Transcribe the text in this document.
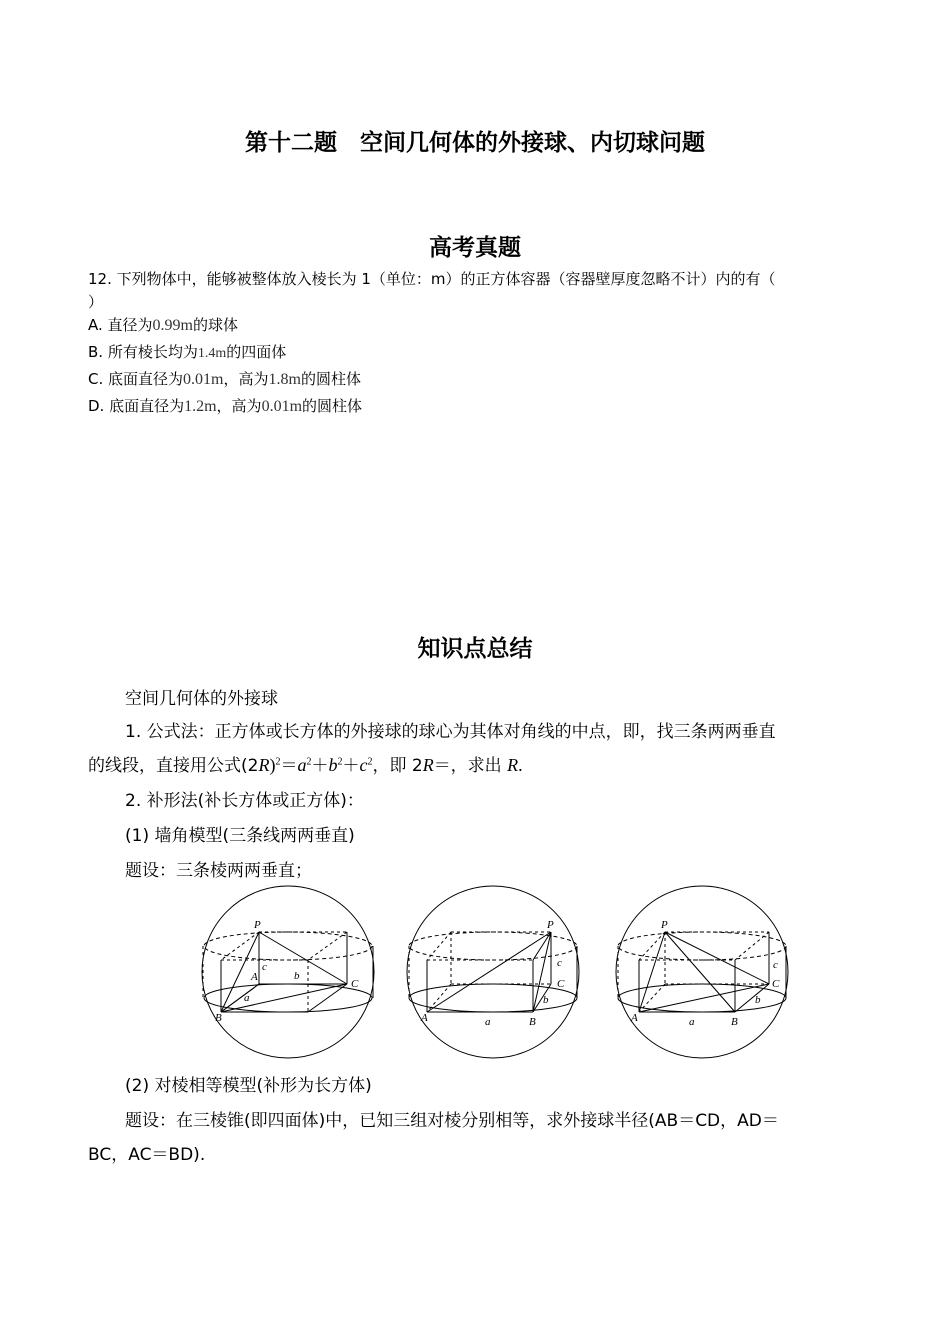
第十二题　空间几何体的外接球、内切球问题
高考真题
12. 下列物体中，能够被整体放入棱长为 1（单位：m）的正方体容器（容器壁厚度忽略不计）内的有（
）
A. 直径为0.99m的球体
B. 所有棱长均为1.4m的四面体
C. 底面直径为0.01m，高为1.8m的圆柱体
D. 底面直径为1.2m，高为0.01m的圆柱体
知识点总结
空间几何体的外接球
1. 公式法：正方体或长方体的外接球的球心为其体对角线的中点，即，找三条两两垂直
的线段，直接用公式$(2R)^2=a^2+b^2+c^2$，即 2R＝，求出 R.
2. 补形法(补长方体或正方体)：
(1) 墙角模型(三条线两两垂直)
题设：三条棱两两垂直；
P
A
B
C
a
b
c
P
A	B
C
a
b
c
P
A	B
C
a
b
c
(2) 对棱相等模型(补形为长方体)
题设：在三棱锥(即四面体)中，已知三组对棱分别相等，求外接球半径(AB＝CD，AD＝
BC，AC＝BD).
